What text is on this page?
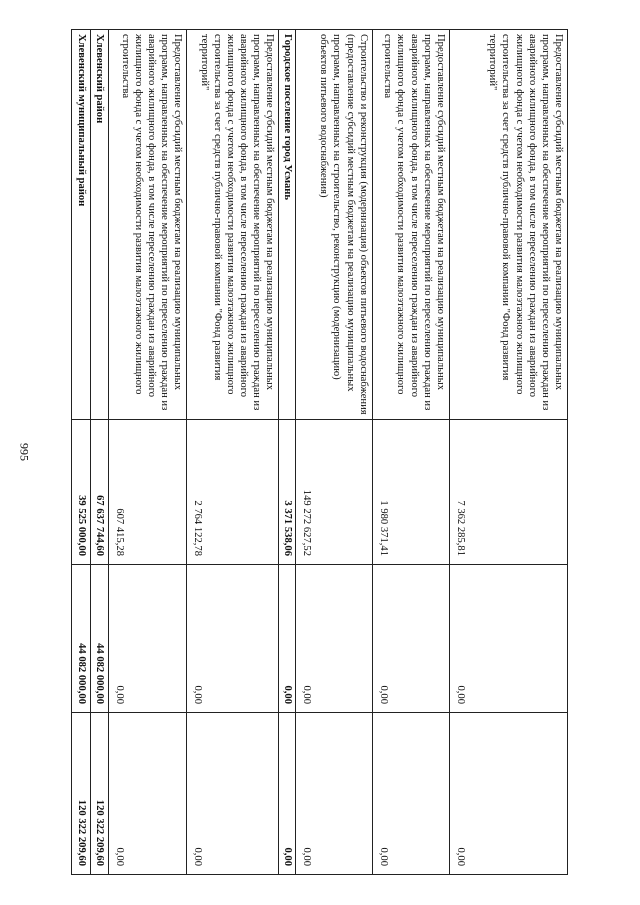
995
Предоставление субсидий местным бюджетам на реализацию муниципальных программ, направленных на обеспечение мероприятий по переселению граждан из аварийного жилищного фонда, в том числе переселению граждан из аварийного жилищного фонда с учетом необходимости развития малоэтажного жилищного строительства за счет средств публично-правовой компании "Фонд развития территорий"	7 362 285,81	0,00	0,00
Предоставление субсидий местным бюджетам на реализацию муниципальных программ, направленных на обеспечение мероприятий по переселению граждан из аварийного жилищного фонда, в том числе переселению граждан из аварийного жилищного фонда с учетом необходимости развития малоэтажного жилищного строительства	1 980 371,41	0,00	0,00
Строительство и реконструкция (модернизация) объектов питьевого водоснабжения (предоставление субсидий местным бюджетам на реализацию муниципальных программ, направленных на строительство, реконструкцию (модернизацию) объектов питьевого водоснабжения)	149 272 627,52	0,00	0,00
Городское поселение город Усмань	3 371 538,06	0,00	0,00
Предоставление субсидий местным бюджетам на реализацию муниципальных программ, направленных на обеспечение мероприятий по переселению граждан из аварийного жилищного фонда, в том числе переселению граждан из аварийного жилищного фонда с учетом необходимости развития малоэтажного жилищного строительства за счет средств публично-правовой компании "Фонд развития территорий"	2 764 122,78	0,00	0,00
Предоставление субсидий местным бюджетам на реализацию муниципальных программ, направленных на обеспечение мероприятий по переселению граждан из аварийного жилищного фонда, в том числе переселению граждан из аварийного жилищного фонда с учетом необходимости развития малоэтажного жилищного строительства	607 415,28	0,00	0,00
Хлевенский район	67 637 744,60	44 082 000,00	120 322 209,60
Хлевенский муниципальный район	39 525 000,00	44 082 000,00	120 322 209,60
